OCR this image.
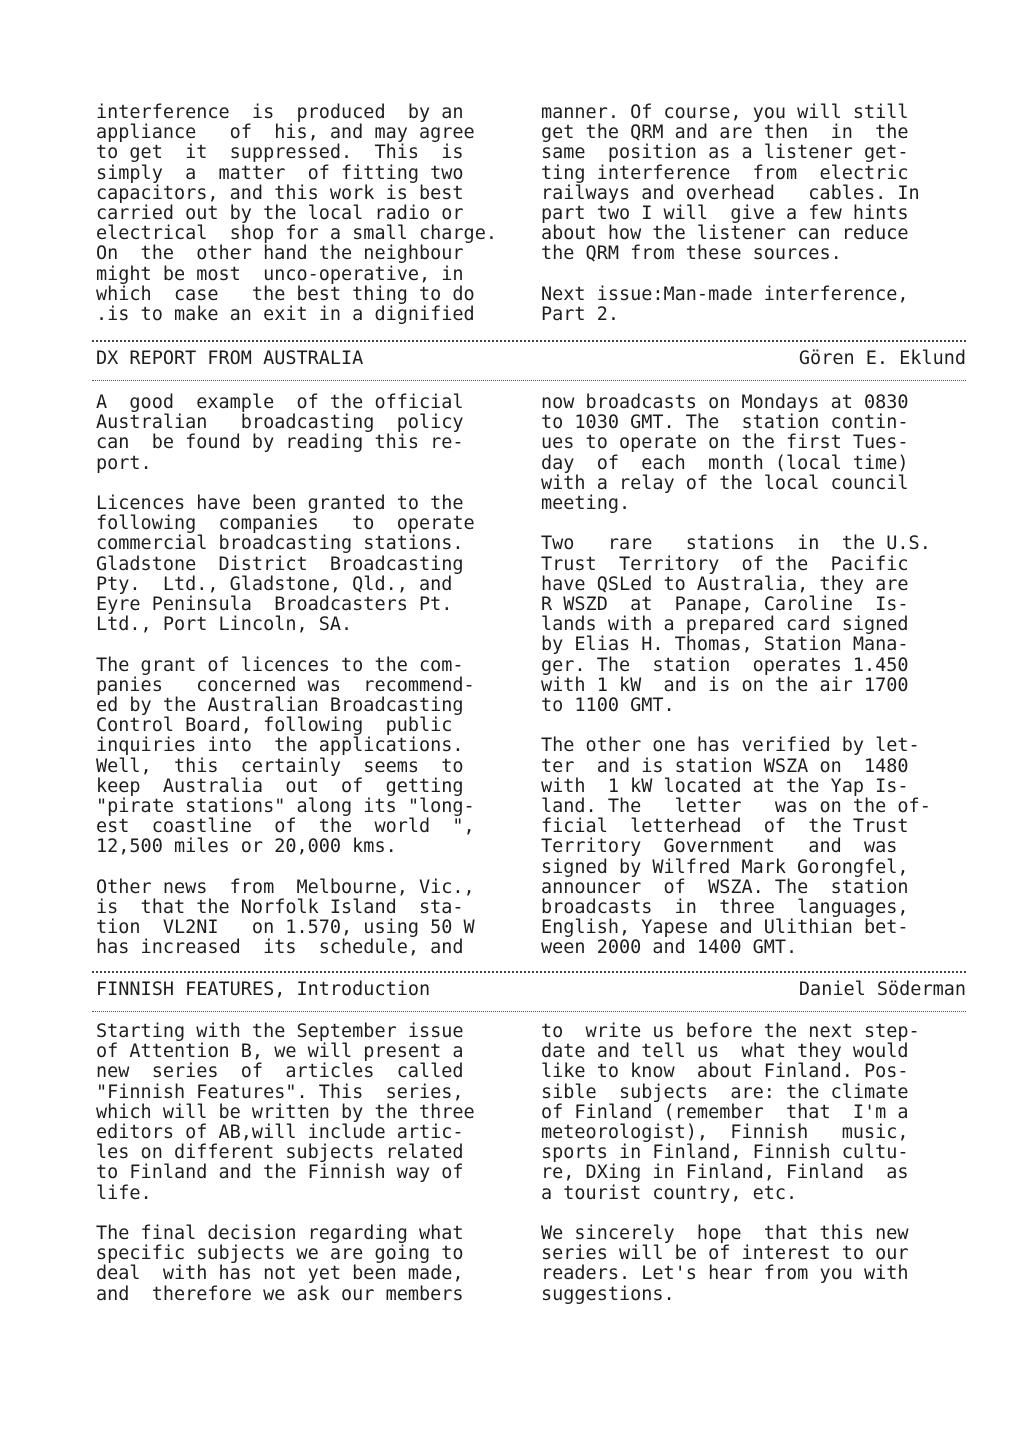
interference  is  produced  by an

appliance   of  his, and may agree

to get  it  suppressed.  This  is

simply  a  matter  of fitting two

capacitors, and this work is best

carried out by the local radio or

electrical  shop for a small charge.

On  the  other hand the neighbour

might be most  unco-operative, in

which  case   the best thing to do

.is to make an exit in a dignified

manner. Of course, you will still

get the QRM and are then  in  the

same  position as a listener get-

ting interference  from  electric

railways and overhead   cables. In

part two I will  give a few hints

about how the listener can reduce

the QRM from these sources.

Next issue:Man-made interference,

Part 2.

DX REPORT FROM AUSTRALIA	Gören E. Eklund

A  good  example  of the official

Australian   broadcasting  policy

can  be found by reading this re-

port.

Licences have been granted to the

following  companies   to  operate

commercial broadcasting stations.

Gladstone  District  Broadcasting

Pty.  Ltd., Gladstone, Qld., and

Eyre Peninsula  Broadcasters Pt.

Ltd., Port Lincoln, SA.

The grant of licences to the com-

panies   concerned was  recommend-

ed by the Australian Broadcasting

Control Board, following  public

inquiries into  the applications.

Well,  this  certainly  seems  to

keep  Australia  out  of  getting

"pirate stations" along its "long-

est  coastline  of  the  world  ",

12,500 miles or 20,000 kms.

Other news  from  Melbourne, Vic.,

is  that the Norfolk Island  sta-

tion  VL2NI   on 1.570, using 50 W

has increased  its  schedule, and

now broadcasts on Mondays at 0830

to 1030 GMT. The  station contin-

ues to operate on the first Tues-

day  of  each  month (local time)

with a relay of the local council

meeting.

Two   rare   stations  in  the U.S.

Trust  Territory  of the  Pacific

have QSLed to Australia, they are

R WSZD  at  Panape, Caroline  Is-

lands with a prepared card signed

by Elias H. Thomas, Station Mana-

ger. The  station  operates 1.450

with 1 kW  and is on the air 1700

to 1100 GMT.

The other one has verified by let-

ter  and is station WSZA on  1480

with  1 kW located at the Yap Is-

land. The   letter   was on the of-

ficial  letterhead  of  the Trust

Territory  Government   and  was

signed by Wilfred Mark Gorongfel,

announcer  of  WSZA. The  station

broadcasts  in  three  languages,

English, Yapese and Ulithian bet-

ween 2000 and 1400 GMT.

FINNISH FEATURES, Introduction	Daniel Söderman

Starting with the September issue

of Attention B, we will present a

new  series  of  articles  called

"Finnish Features". This  series,

which will be written by the three

editors of AB,will include artic-

les on different subjects related

to Finland and the Finnish way of

life.

The final decision regarding what

specific subjects we are going to

deal  with has not yet been made,

and  therefore we ask our members

to  write us before the next step-

date and tell us  what they would

like to know  about Finland. Pos-

sible  subjects  are: the climate

of Finland (remember  that  I'm a

meteorologist),  Finnish   music,

sports in Finland, Finnish cultu-

re, DXing in Finland, Finland  as

a tourist country, etc.

We sincerely  hope  that this new

series will be of interest to our

readers. Let's hear from you with

suggestions.
